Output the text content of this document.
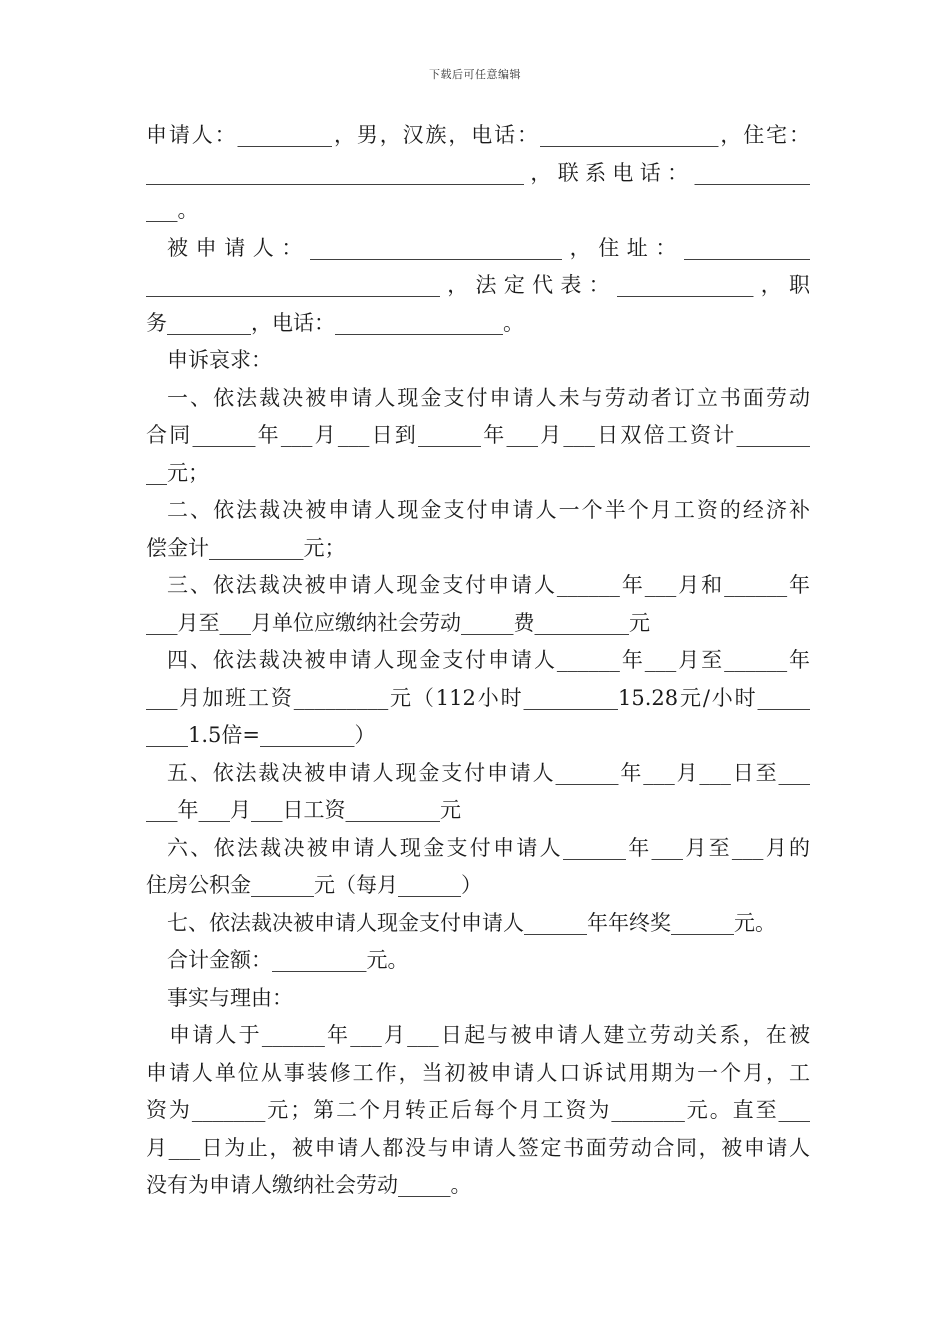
下载后可任意编辑
申请人：_________，男，汉族，电话：_________________，住宅：
____________________________________，联系电话：___________
___。
被申请人：________________________，住址：____________
____________________________，法定代表：_____________，职
务________，电话：________________。
申诉哀求：
一、依法裁决被申请人现金支付申请人未与劳动者订立书面劳动
合同______年___月___日到______年___月___日双倍工资计_______
__元；
二、依法裁决被申请人现金支付申请人一个半个月工资的经济补
偿金计_________元；
三、依法裁决被申请人现金支付申请人______年___月和______年
___月至___月单位应缴纳社会劳动_____费_________元
四、依法裁决被申请人现金支付申请人______年___月至______年
___月加班工资_________元（112小时_________15.28元/小时_____
____1.5倍=_________）
五、依法裁决被申请人现金支付申请人______年___月___日至___
___年___月___日工资_________元
六、依法裁决被申请人现金支付申请人______年___月至___月的
住房公积金______元（每月______）
七、依法裁决被申请人现金支付申请人______年年终奖______元。
合计金额：_________元。
事实与理由：
申请人于______年___月___日起与被申请人建立劳动关系，在被
申请人单位从事装修工作，当初被申请人口诉试用期为一个月，工
资为_______元；第二个月转正后每个月工资为_______元。直至___
月___日为止，被申请人都没与申请人签定书面劳动合同，被申请人
没有为申请人缴纳社会劳动_____。
